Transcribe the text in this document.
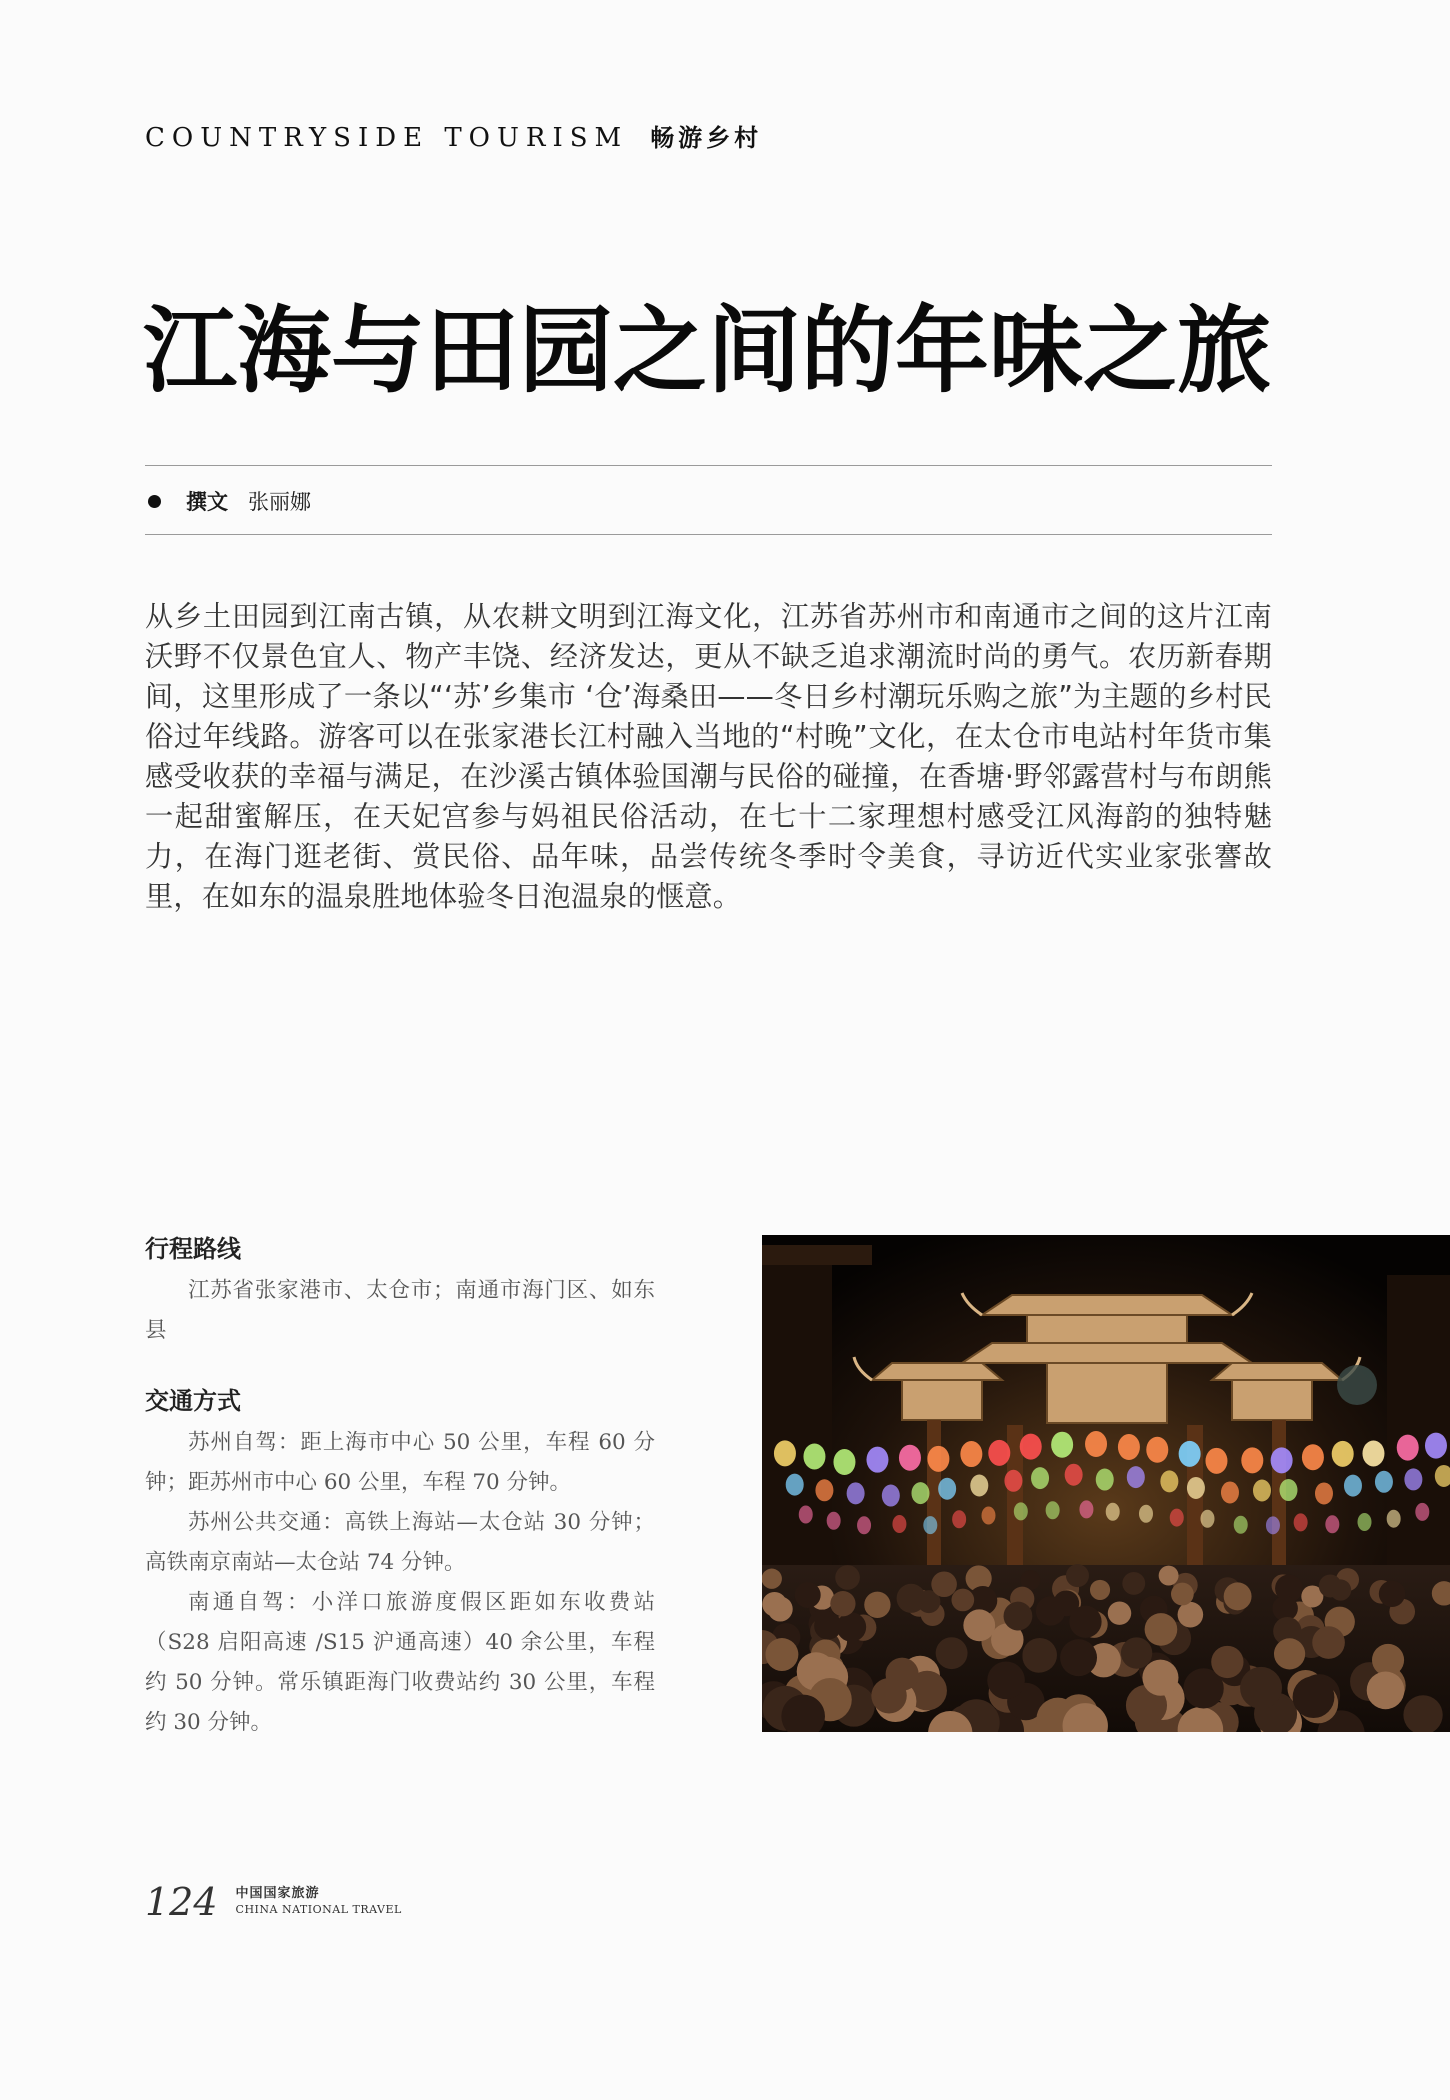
COUNTRYSIDE TOURISM 畅游乡村
江海与田园之间的年味之旅
撰文 张丽娜

从乡土田园到江南古镇，从农耕文明到江海文化，江苏省苏州市和南通市之间的这片江南沃野不仅景色宜人、物产丰饶、经济发达，更从不缺乏追求潮流时尚的勇气。农历新春期间，这里形成了一条以“‘苏’乡集市 ‘仓’海桑田——冬日乡村潮玩乐购之旅”为主题的乡村民俗过年线路。游客可以在张家港长江村融入当地的“村晚”文化，在太仓市电站村年货市集感受收获的幸福与满足，在沙溪古镇体验国潮与民俗的碰撞，在香塘·野邻露营村与布朗熊一起甜蜜解压，在天妃宫参与妈祖民俗活动，在七十二家理想村感受江风海韵的独特魅力，在海门逛老街、赏民俗、品年味，品尝传统冬季时令美食，寻访近代实业家张謇故里，在如东的温泉胜地体验冬日泡温泉的惬意。

行程路线

江苏省张家港市、太仓市；南通市海门区、如东县

交通方式

苏州自驾：距上海市中心 50 公里，车程 60 分钟；距苏州市中心 60 公里，车程 70 分钟。

苏州公共交通：高铁上海站—太仓站 30 分钟；高铁南京南站—太仓站 74 分钟。

南通自驾：小洋口旅游度假区距如东收费站（S28 启阳高速 /S15 沪通高速）40 余公里，车程约 50 分钟。常乐镇距海门收费站约 30 公里，车程约 30 分钟。

124 中国国家旅游
CHINA NATIONAL TRAVEL
